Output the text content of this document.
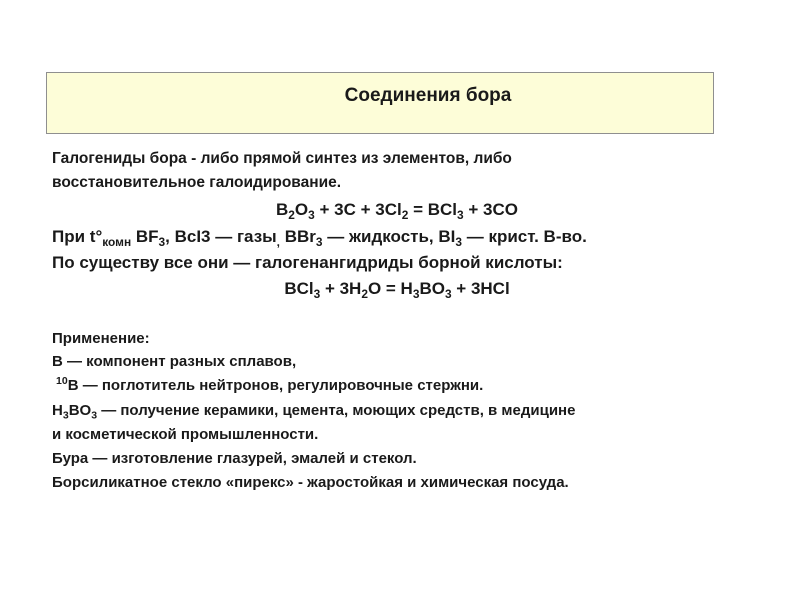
Соединения бора
Галогениды бора - либо прямой синтез из элементов, либо
восстановительное галоидирование.
$B_2O_3 + 3C + 3Cl_2 = BCl_3 + 3CO$
При $t^\circ_{комн}$ $BF_3$, BcI3 — газы$_,$ BBr$_3$ — жидкость, $BI_3$ — крист. В-во.
По существу все они — галогенангидриды борной кислоты:
$BCl_3 + 3H_2O = H_3BO_3 + 3HCl$
Применение:
B — компонент разных сплавов,
$^{10}$B — поглотитель нейтронов, регулировочные стержни.
$H_3BO_3$ — получение керамики, цемента, моющих средств, в медицине
и косметической промышленности.
Бура — изготовление глазурей, эмалей и стекол.
Борсиликатное стекло «пирекс» - жаростойкая и химическая посуда.
